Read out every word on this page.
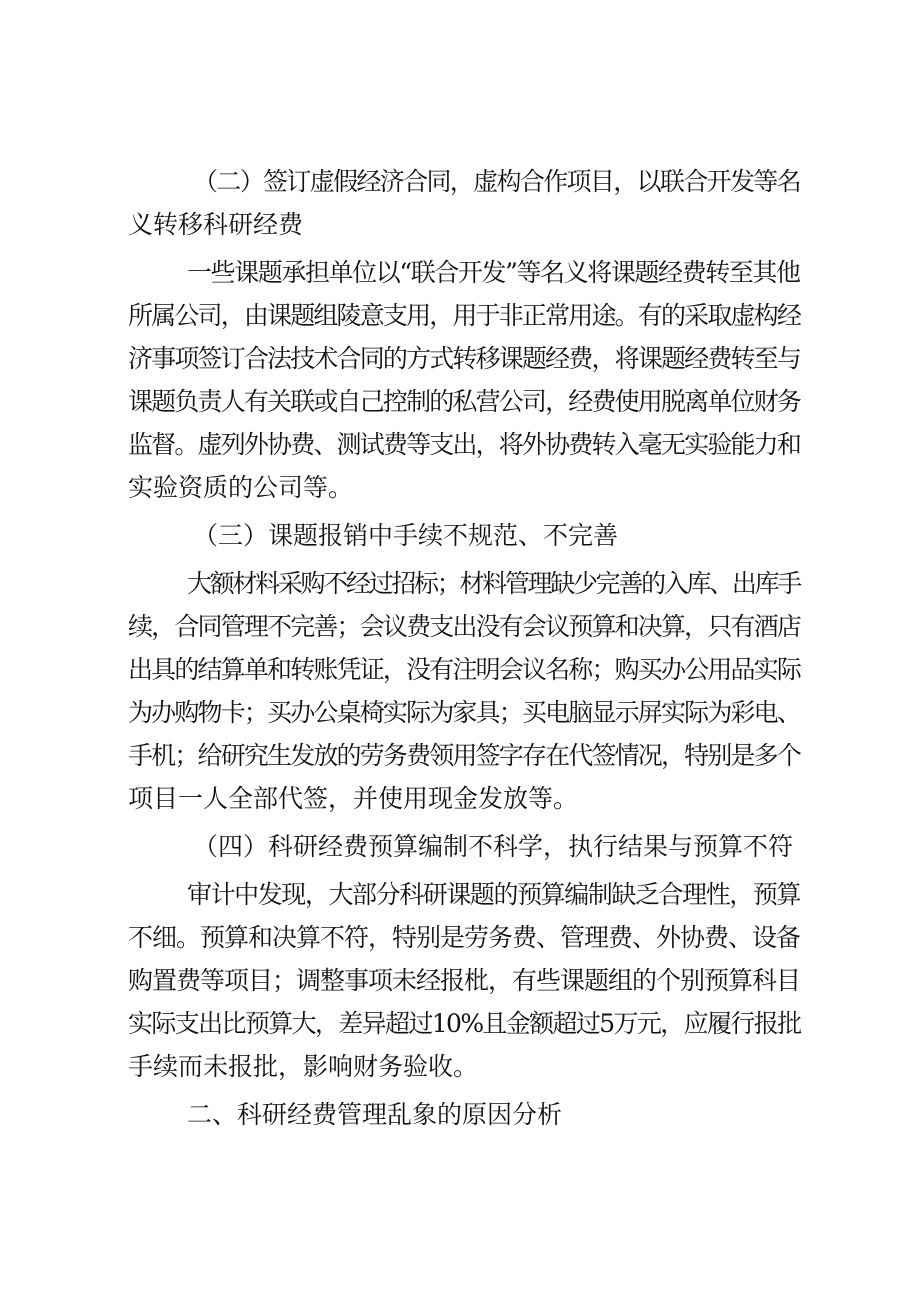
（二）签订虚假经济合同，虚构合作项目，以联合开发等名

义转移科研经费

一些课题承担单位以“联合开发”等名义将课题经费转至其他

所属公司，由课题组陵意支用，用于非正常用途。有的采取虚构经

济事项签订合法技术合同的方式转移课题经费，将课题经费转至与

课题负责人有关联或自己控制的私营公司，经费使用脱离单位财务

监督。虚列外协费、测试费等支出，将外协费转入毫无实验能力和

实验资质的公司等。

（三）课题报销中手续不规范、不完善

大额材料采购不经过招标；材料管理缺少完善的入库、出库手

续，合同管理不完善；会议费支出没有会议预算和决算，只有酒店

出具的结算单和转账凭证，没有注明会议名称；购买办公用品实际

为办购物卡；买办公桌椅实际为家具；买电脑显示屏实际为彩电、

手机；给研究生发放的劳务费领用签字存在代签情况，特别是多个

项目一人全部代签，并使用现金发放等。

（四）科研经费预算编制不科学，执行结果与预算不符

审计中发现，大部分科研课题的预算编制缺乏合理性，预算

不细。预算和决算不符，特别是劳务费、管理费、外协费、设备

购置费等项目；调整事项未经报枇，有些课题组的个别预算科目

实际支出比预算大，差异超过10%且金额超过5万元，应履行报批

手续而未报批，影响财务验收。

二、科研经费管理乱象的原因分析
